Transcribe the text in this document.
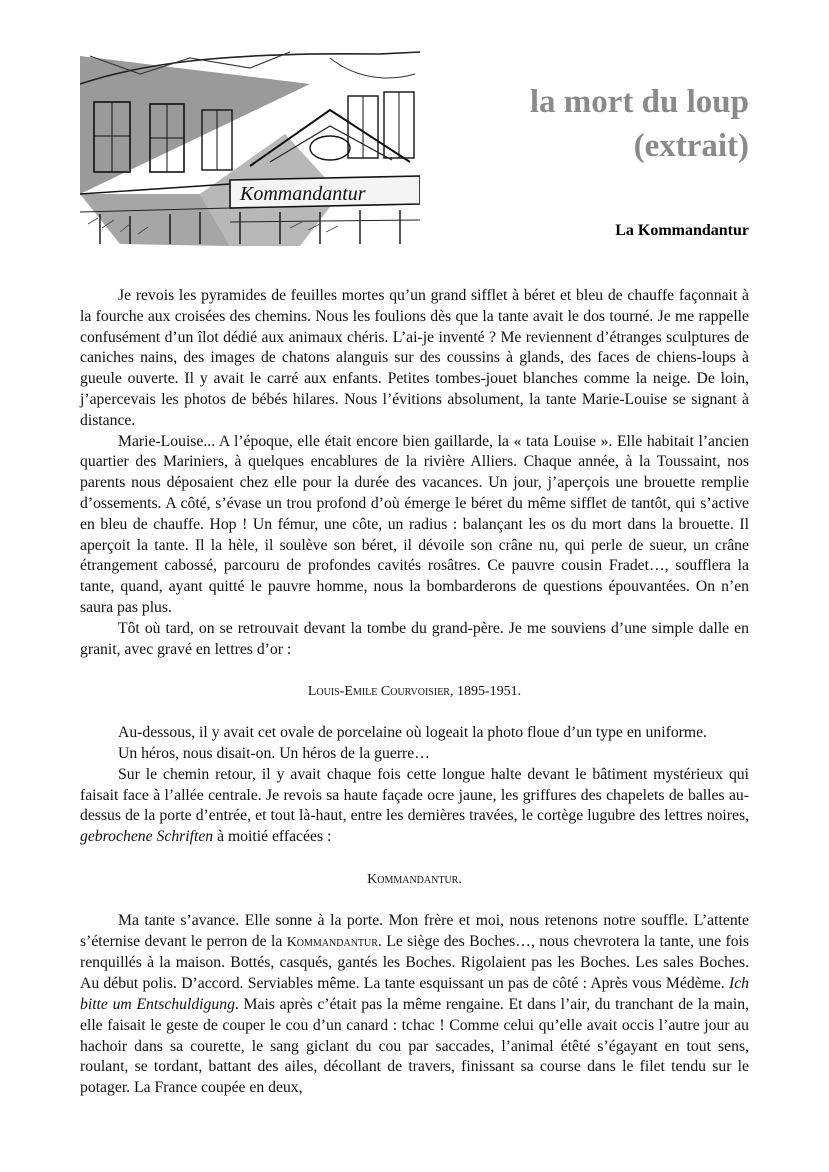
Kommandantur
la mort du loup
(extrait)
La Kommandantur

Je revois les pyramides de feuilles mortes qu’un grand sifflet à béret et bleu de chauffe façonnait à la fourche aux croisées des chemins. Nous les foulions dès que la tante avait le dos tourné. Je me rappelle confusément d’un îlot dédié aux animaux chéris. L’ai-je inventé ? Me reviennent d’étranges sculptures de caniches nains, des images de chatons alanguis sur des coussins à glands, des faces de chiens-loups à gueule ouverte. Il y avait le carré aux enfants. Petites tombes-jouet blanches comme la neige. De loin, j’apercevais les photos de bébés hilares. Nous l’évitions absolument, la tante Marie-Louise se signant à distance.

Marie-Louise... A l’époque, elle était encore bien gaillarde, la « tata Louise ». Elle habitait l’ancien quartier des Mariniers, à quelques encablures de la rivière Alliers. Chaque année, à la Toussaint, nos parents nous déposaient chez elle pour la durée des vacances. Un jour, j’aperçois une brouette remplie d’ossements. A côté, s’évase un trou profond d’où émerge le béret du même sifflet de tantôt, qui s’active en bleu de chauffe. Hop ! Un fémur, une côte, un radius : balançant les os du mort dans la brouette. Il aperçoit la tante. Il la hèle, il soulève son béret, il dévoile son crâne nu, qui perle de sueur, un crâne étrangement cabossé, parcouru de profondes cavités rosâtres. Ce pauvre cousin Fradet…, soufflera la tante, quand, ayant quitté le pauvre homme, nous la bombarderons de questions épouvantées. On n’en saura pas plus.

Tôt où tard, on se retrouvait devant la tombe du grand-père. Je me souviens d’une simple dalle en granit, avec gravé en lettres d’or :

Louis-Emile Courvoisier, 1895-1951.

Au-dessous, il y avait cet ovale de porcelaine où logeait la photo floue d’un type en uniforme.

Un héros, nous disait-on. Un héros de la guerre…

Sur le chemin retour, il y avait chaque fois cette longue halte devant le bâtiment mystérieux qui faisait face à l’allée centrale. Je revois sa haute façade ocre jaune, les griffures des chapelets de balles au-dessus de la porte d’entrée, et tout là-haut, entre les dernières travées, le cortège lugubre des lettres noires, gebrochene Schriften à moitié effacées :

Kommandantur.

Ma tante s’avance. Elle sonne à la porte. Mon frère et moi, nous retenons notre souffle. L’attente s’éternise devant le perron de la Kommandantur. Le siège des Boches…, nous chevrotera la tante, une fois renquillés à la maison. Bottés, casqués, gantés les Boches. Rigolaient pas les Boches. Les sales Boches. Au début polis. D’accord. Serviables même. La tante esquissant un pas de côté : Après vous Médème. Ich bitte um Entschuldigung. Mais après c’était pas la même rengaine. Et dans l’air, du tranchant de la main, elle faisait le geste de couper le cou d’un canard : tchac ! Comme celui qu’elle avait occis l’autre jour au hachoir dans sa courette, le sang giclant du cou par saccades, l’animal étêté s’égayant en tout sens, roulant, se tordant, battant des ailes, décollant de travers, finissant sa course dans le filet tendu sur le potager. La France coupée en deux,
